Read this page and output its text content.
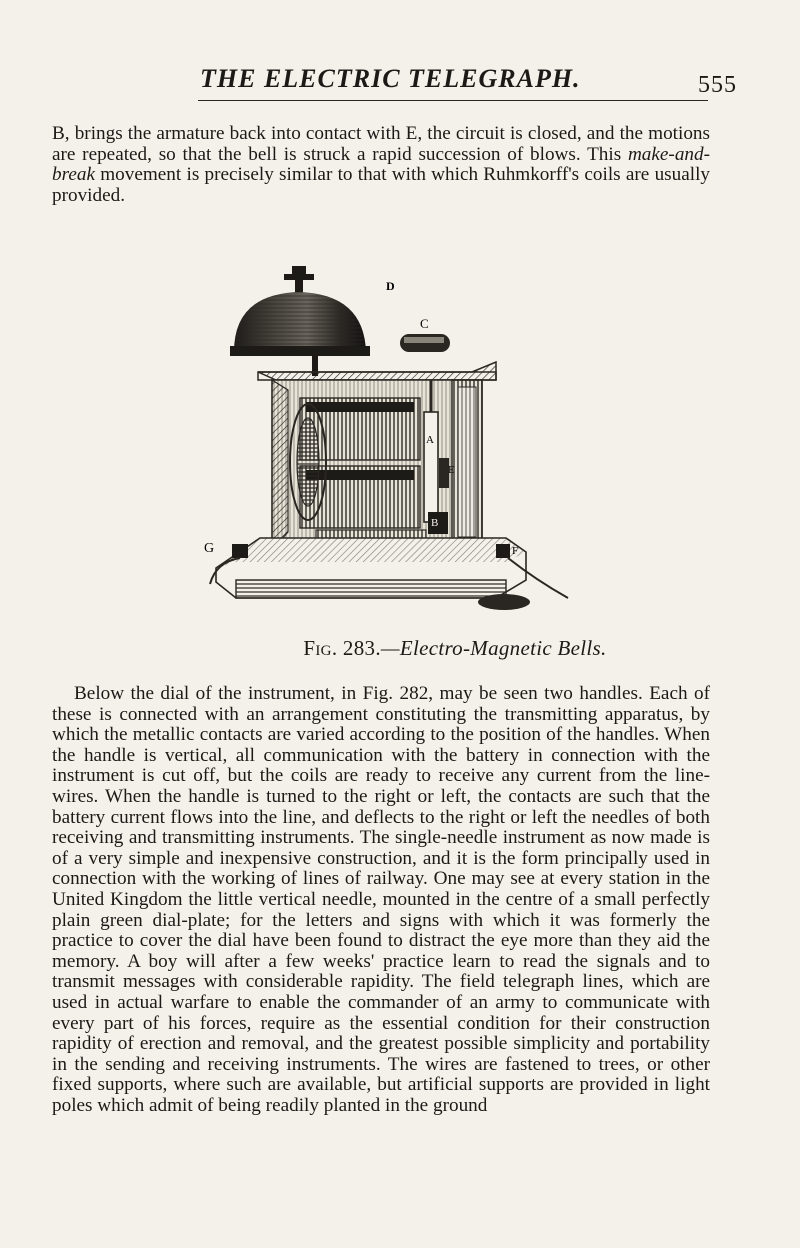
THE ELECTRIC TELEGRAPH.	555

B, brings the armature back into contact with E, the circuit is closed, and the motions are repeated, so that the bell is struck a rapid succession of blows. This make-and-break movement is precisely similar to that with which Ruhmkorff's coils are usually provided.

D
C
A
E
B
G	F
Fig. 283.—Electro-Magnetic Bells.

Below the dial of the instrument, in Fig. 282, may be seen two handles. Each of these is connected with an arrangement constituting the transmitting apparatus, by which the metallic contacts are varied according to the position of the handles. When the handle is vertical, all communication with the battery in connection with the instrument is cut off, but the coils are ready to receive any current from the line-wires. When the handle is turned to the right or left, the contacts are such that the battery current flows into the line, and deflects to the right or left the needles of both receiving and transmitting instruments. The single-needle instrument as now made is of a very simple and inexpensive construction, and it is the form principally used in connection with the working of lines of railway. One may see at every station in the United Kingdom the little vertical needle, mounted in the centre of a small perfectly plain green dial-plate; for the letters and signs with which it was formerly the practice to cover the dial have been found to distract the eye more than they aid the memory. A boy will after a few weeks' practice learn to read the signals and to transmit messages with considerable rapidity. The field telegraph lines, which are used in actual warfare to enable the commander of an army to communicate with every part of his forces, require as the essential condition for their construction rapidity of erection and removal, and the greatest possible simplicity and portability in the sending and receiving instruments. The wires are fastened to trees, or other fixed supports, where such are available, but artificial supports are provided in light poles which admit of being readily planted in the ground
